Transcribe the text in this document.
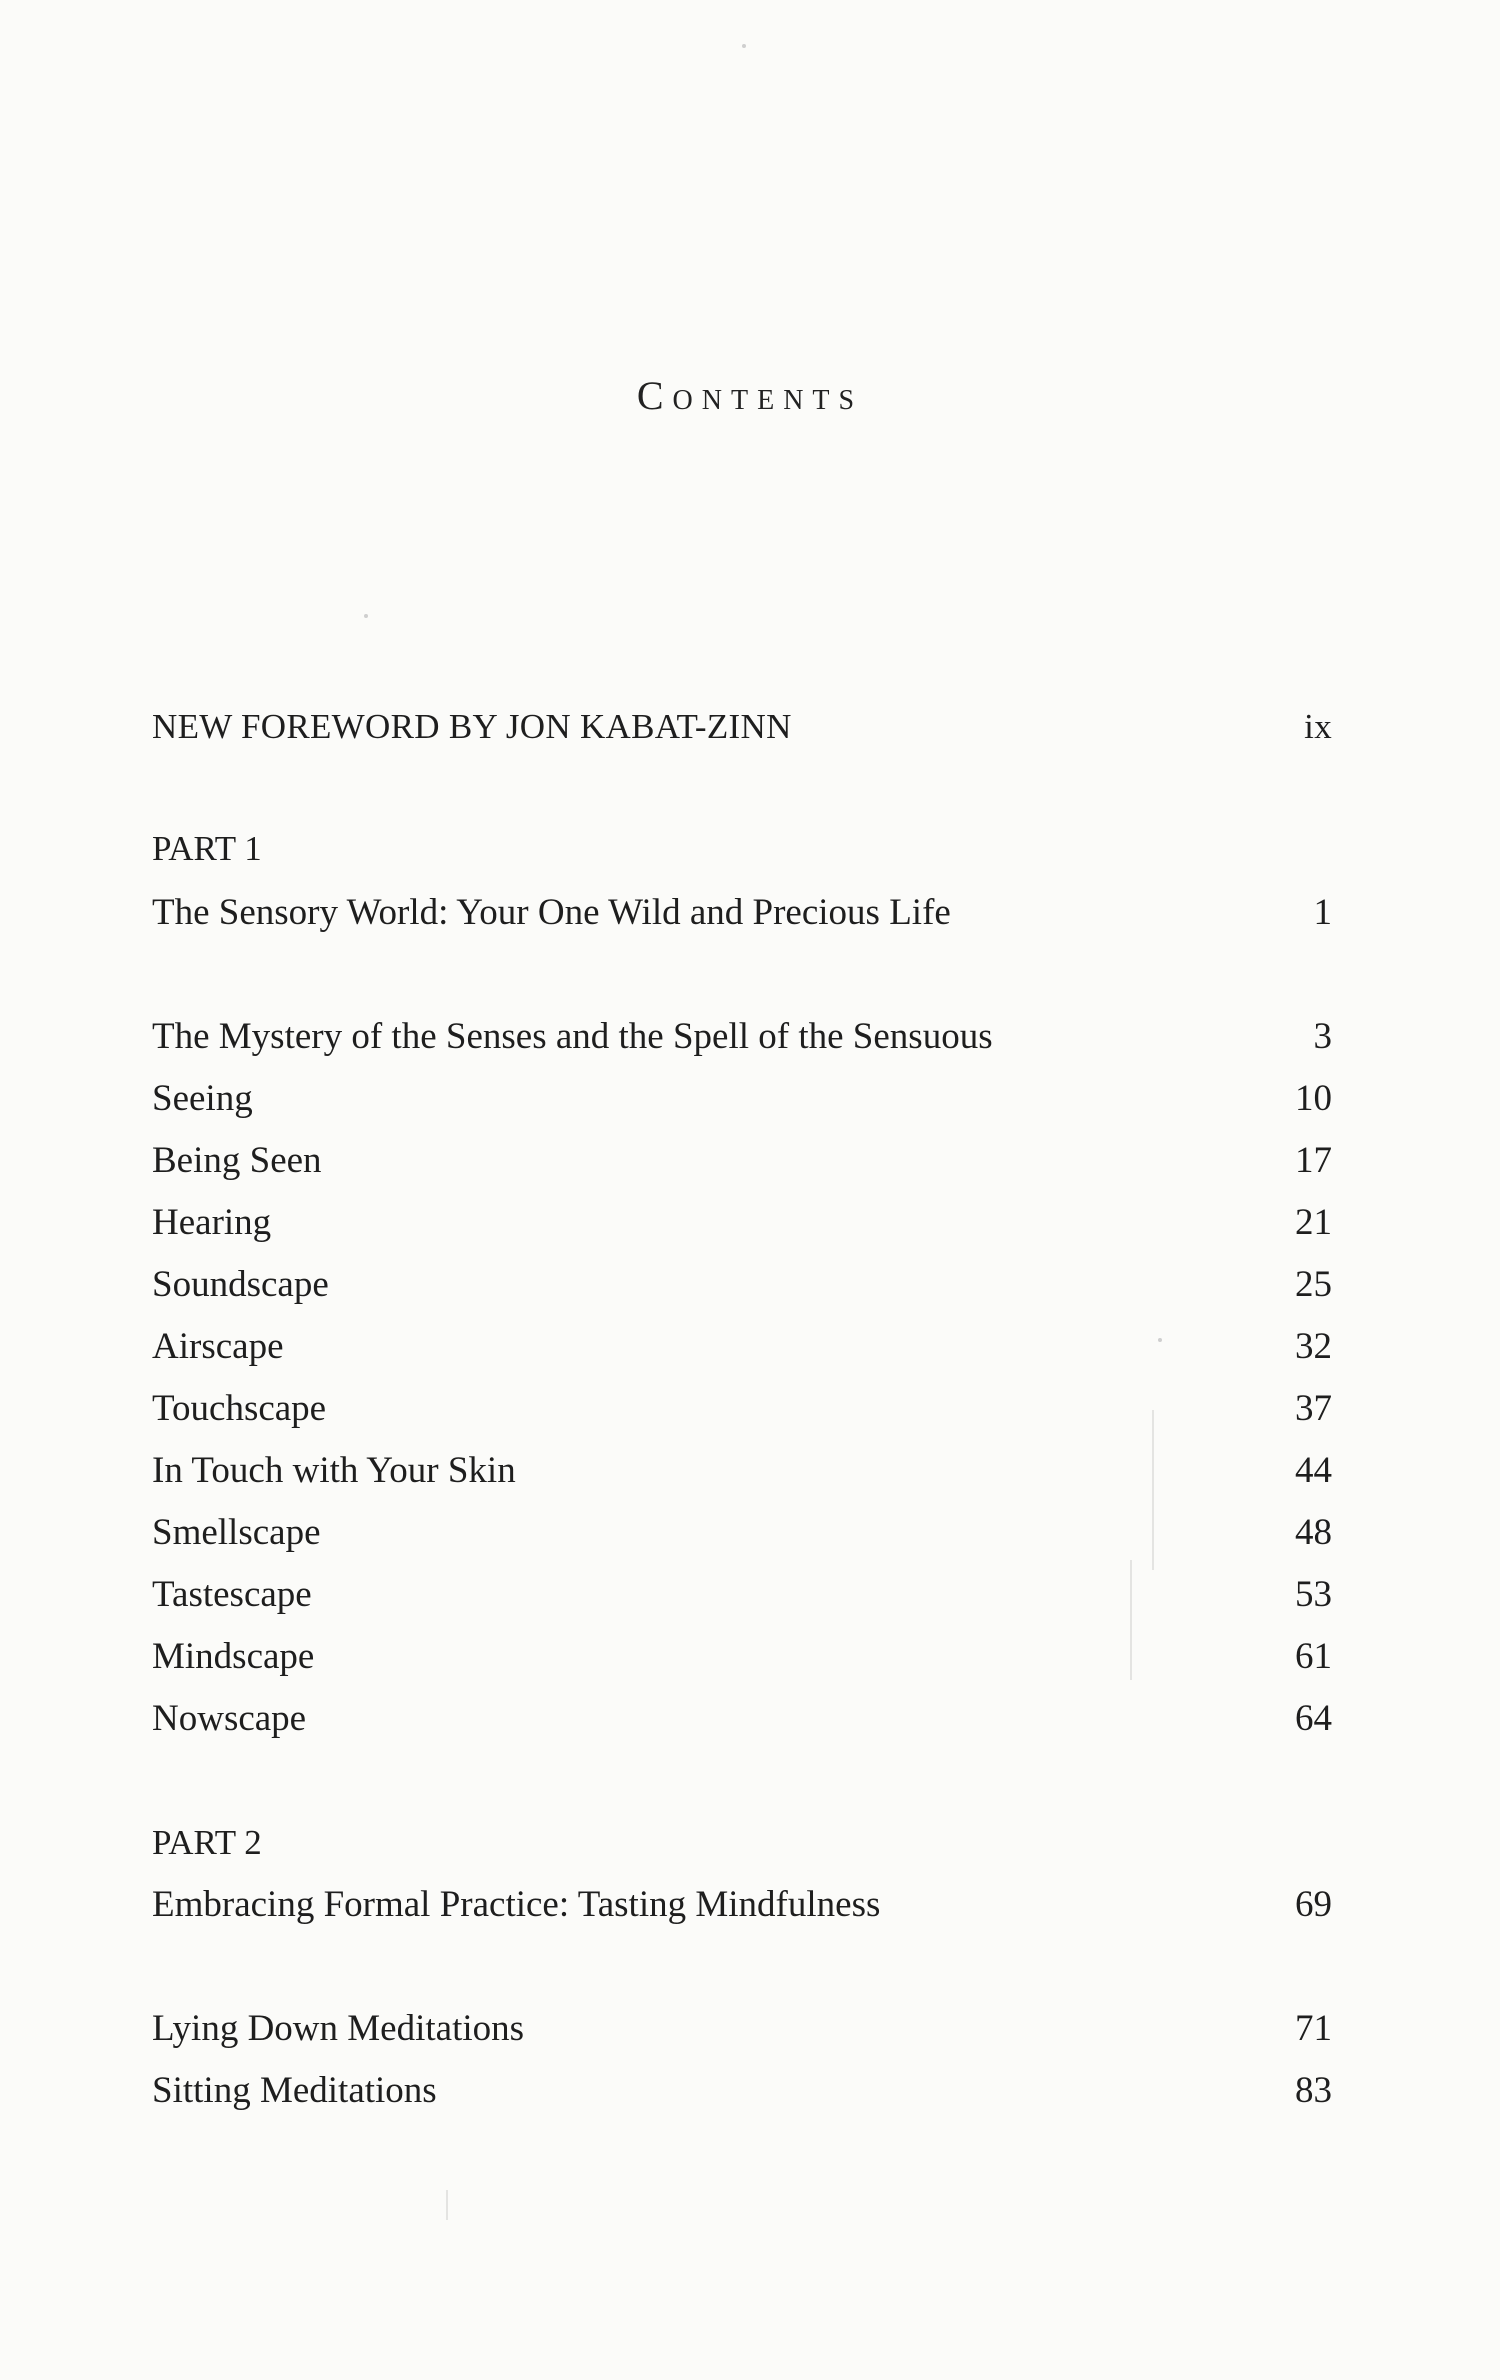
Contents
NEW FOREWORD BY JON KABAT-ZINN	ix
PART 1
The Sensory World: Your One Wild and Precious Life	1
The Mystery of the Senses and the Spell of the Sensuous	3
Seeing	10
Being Seen	17
Hearing	21
Soundscape	25
Airscape	32
Touchscape	37
In Touch with Your Skin	44
Smellscape	48
Tastescape	53
Mindscape	61
Nowscape	64
PART 2
Embracing Formal Practice: Tasting Mindfulness	69
Lying Down Meditations	71
Sitting Meditations	83
